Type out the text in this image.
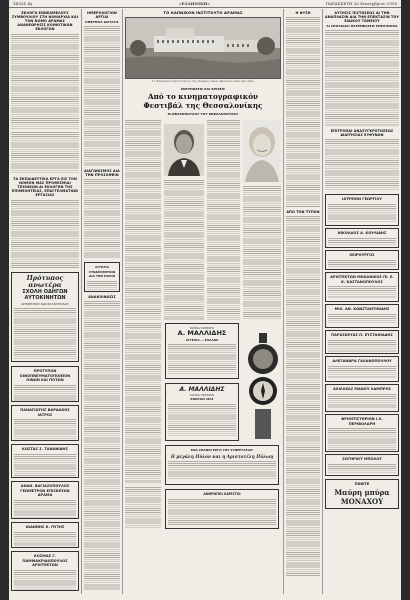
ΣΕΛΙΣ 4η	«ΕΛΛΗΝΙΚΗ»	ΠΑΡΑΣΚΕΥΗ 26 Σεπτεμβρίου 1958
ΕΚΛΟΓΗ ΕΝΝΕΑΜΕΛΟΥΣ ΣΥΜΒΟΥΛΙΟΥ ΣΤΗ ΝΟΜΑΡΧΙΑ ΚΑΙ ΤΟΝ ΝΟΜΟ ΔΡΑΜΑΣ ΑΝΑΘΕΩΡΗΣΙΣ ΚΟΙΝΟΤΙΚΩΝ ΕΚΛΟΓΩΝ
ΤΑ ΕΚΠΑΙΔΕΥΤΙΚΑ ΕΡΓΑ ΕΙΣ ΤΟΝ ΝΟΜΟΝ ΜΑΣ ΠΡΟΘΕΣΜΙΑΙ ΤΕΧΝΙΚΩΝ ΔΙ ΕΚΛΟΓΗΝ ΤΗΣ ΕΠΙΜΕΛΗΤΕΙΑΣ, ΕΠΑΓΓΕΛΜΑΤΙΩΝ ΕΡΓΑΣΙΑΣ
Πρότυπος ανωτέρα
ΣΧΟΛΗ ΟΔΗΓΩΝ
ΑΥΤΟΚΙΝΗΤΩΝ
ΔΗΜΗΤΡΙΟΥ ΚΩΝΣΤΑΝΤΙΝΙΔΟΥ
ΠΡΟΤΥΠΟΝ ΟΙΝΟΠΝΕΥΜΑΤΟΠΟΙΕΙΟΝ ΟΙΝΩΝ ΚΑΙ ΠΟΤΩΝ
ΠΑΝΑΓΙΩΤΗΣ ΒΑΡΔΑΚΗΣ ΙΑΤΡΟΣ
ΚΩΣΤΑΣ Σ. ΤΑΝΑΝΙΔΗΣ
ΑΘΑΝ. ΒΑΓΙΑΣΟΠΟΥΛΟΣ ΓΕΩΜΕΤΡΟΝ ΕΠΙΣΚΕΥΩΝ ΔΡΑΜΑ
ΙΩΑΝΝΗΣ Κ. ΠΥΞΗΣ
ΚΟΣΜΑΣ Γ. ΠΑΜΜΑΚΡΙΔΟΠΟΥΛΟΣ ΑΡΧΙΤΕΚΤΩΝ
ΗΜΕΡΟΛΟΓΙΟΝ ΑΡΓΙΑΙ
ΗΜΕΡΗΣΙΑ ΔΙΑΤΑΞΙΣ
ΔΙΑΓΩΝΙΣΜΟΣ ΔΙΑ ΤΗΝ ΠΡΟΣΛΗΨΙΝ
ΑΓΓΕΛΙΑ ΣΥΝΔΡΟΜΗΤΩΝ ΔΙΑ ΤΗΝ ΠΟΛΙΝ
ΑΝΑΚΟΙΝΩΣΙΣ
ΤΟ ΚΑΠΝΙΚΟΝ ΙΝΣΤΙΤΟΥΤΟ ΔΡΑΜΑΣ
Το Καπνικόν Ινστιτούτον της Δράμας όπως φαίνεται από την οδόν
ΕΝΤΥΠΩΣΕΙΣ ΚΑΙ ΚΡΙΣΕΙΣ
Από το κινηματογραφικόν
Φεστιβάλ της Θεσσαλονίκης
Μ-ΘΚΑΡΟΠΟΥΛΟΥ ΤΟΥ ΚΕΦΑΛΟΠΟΥΛΟΥ
ΣΟΦΙΑ ΓΚΕΣΣΙΝ
Α. ΜΑΛΛΙΔΗΣ
ΑΓΓΕΛΙΑ — ΕΛΛΑΔΑ
Α. ΜΑΛΛΙΔΗΣ
ΣΟΦΙΑ ΓΚΕΣΣΙΝ
ΕΝΟΡΙΑΣ ΜΑΣ
ΕΝΑ ΣΠΑΝΙΟ ΕΡΓΟ ΤΗΣ ΣΥΝΕΡΓΑΣΙΑΣ
Η μεγάλη Πύλον και η Αριστοτέλη Πύλωη
ΑΝΘΡΩΠΟΙ ΧΑΡΙΣΤΟΙ
Η ΦΥΣΗ
ΑΠΟ ΤΟΝ ΤΥΠΟΝ
ΑΥΞΗΣΙΣ ΠΙΣΤΩΣΕΩΣ ΔΙ ΤΗΝ ΑΝΑΠΛΑΣΙΝ ΔΙΑ ΤΗΝ ΕΠΕΚΤΑΣΙΝ ΤΟΥ ΕΙΔΙΚΟΥ ΤΑΜΕΙΟΥ
ΑΙ ΣΠΟΥΔΑΙΑΙ ΠΑΡΕΜΒΑΣΕΙΣ ΕΠΕΙΓΟΝΤΩΣ
ΕΠΙΤΡΟΠΑΙ ΑΝΑΣΥΓΚΡΟΤΗΣΕΩΣ ΔΙΑΙΤΗΣΙΑΣ ΕΥΘΥΝΩΝ
ΙΑΤΡΕΙΟΝ ΓΕΩΡΓΙΟΥ
ΝΙΚΟΛΑΟΣ Α. ΚΟΥΛΙΔΗΣ
ΧΕΙΡΟΥΡΓΟΣ
ΑΡΧΙΤΕΚΤΩΝ ΜΗΧΑΝΙΚΟΣ ΠΙ. Ε. Κ. ΚΑΣΤΑΝΟΠΟΥΛΟΣ
ΜΙΧ. ΑΘ. ΚΩΝΣΤΑΝΤΙΝΙΔΗΣ
ΠΑΡΑΣΚΕΥΑΣ Π. ΕΥΣΤΑΘΙΑΔΗΣ
ΑΛΕΞΑΝΔΡΑ ΓΑΛΑΝΟΠΟΥΛΟΥ
ΑΧΙΛΛΕΑΣ ΜΑΝΟΥ ΛΑΜΠΡΟΣ
ΦΡΟΝΤΙΣΤΗΡΙΟΝ Ι.Χ. ΠΕΡΙΒΟΛΑΡΗ
ΣΩΤΗΡΙΟΥ ΜΠΟΛΟΤ
ΠΙΝΕΤΕ
Μαύρη μπύρα ΜΟΝΑΧΟΥ
